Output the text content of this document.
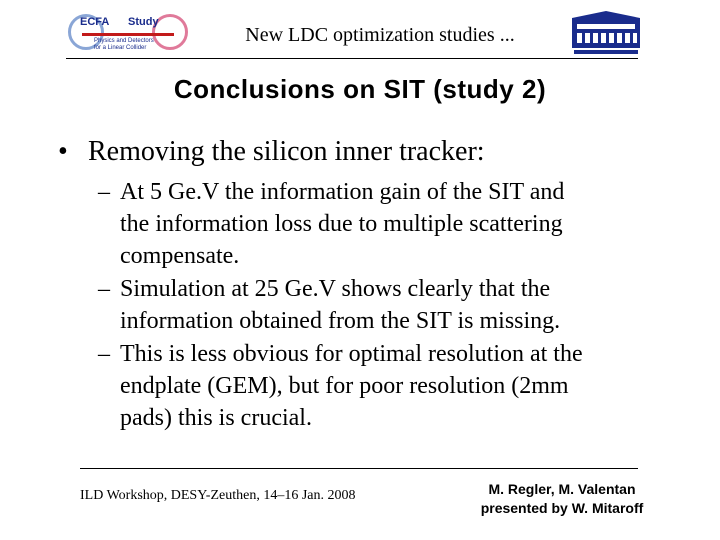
ECFA Study
Physics and Detectors
for a Linear Collider
New LDC optimization studies ...
Conclusions on SIT (study 2)
• Removing the silicon inner tracker:
– At 5 Ge.V the information gain of the SIT and
the information loss due to multiple scattering
compensate.
– Simulation at 25 Ge.V shows clearly that the
information obtained from the SIT is missing.
– This is less obvious for optimal resolution at the
endplate (GEM), but for poor resolution (2mm
pads) this is crucial.
ILD Workshop, DESY-Zeuthen, 14–16 Jan. 2008	M. Regler, M. Valentan
presented by W. Mitaroff
